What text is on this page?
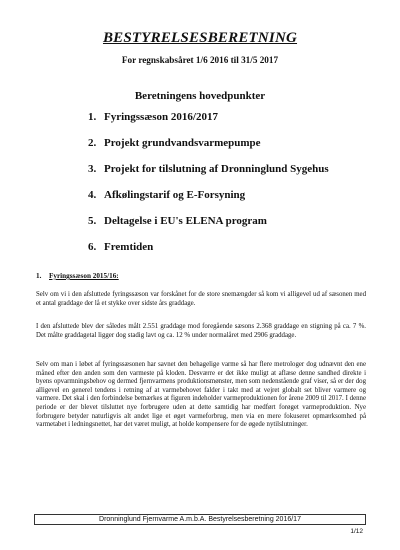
BESTYRELSESBERETNING
For regnskabsåret 1/6 2016 til 31/5 2017
Beretningens hovedpunkter
1. Fyringssæson 2016/2017
2. Projekt grundvandsvarmepumpe
3. Projekt for tilslutning af Dronninglund Sygehus
4. Afkølingstarif og E-Forsyning
5. Deltagelse i EU's ELENA program
6. Fremtiden
1. Fyringssæson 2015/16:
Selv om vi i den afsluttede fyringssæson var forskånet for de store snemængder så kom vi alligevel ud af sæsonen med et antal graddage der lå et stykke over sidste års graddage.
I den afsluttede blev der således målt 2.551 graddage mod foregående sæsons 2.368 graddage en stigning på ca. 7 %. Det målte graddagetal ligger dog stadig lavt og ca. 12 % under normalåret med 2906 graddage.
Selv om man i løbet af fyringssæsonen har savnet den behagelige varme så har flere metrologer dog udnævnt den ene måned efter den anden som den varmeste på kloden. Desværre er det ikke muligt at aflæse denne sandhed direkte i byens opvarmningsbehov og dermed fjernvarmens produktionsmønster, men som nedenstående graf viser, så er der dog alligevel en generel tendens i retning af at varmebehovet falder i takt med at vejret globalt set bliver varmere og varmere. Det skal i den forbindelse bemærkes at figuren indeholder varmeproduktionen for årene 2009 til 2017. I denne periode er der blevet tilsluttet nye forbrugere uden at dette samtidig har medført forøget varmeproduktion. Nye forbrugere betyder naturligvis alt andet lige et øget varmeforbrug, men via en mere fokuseret opmærksomhed på varmetabet i ledningsnettet, har det været muligt, at holde kompensere for de øgede nytilslutninger.
Dronninglund Fjernvarme A.m.b.A. Bestyrelsesberetning 2016/17
1/12
